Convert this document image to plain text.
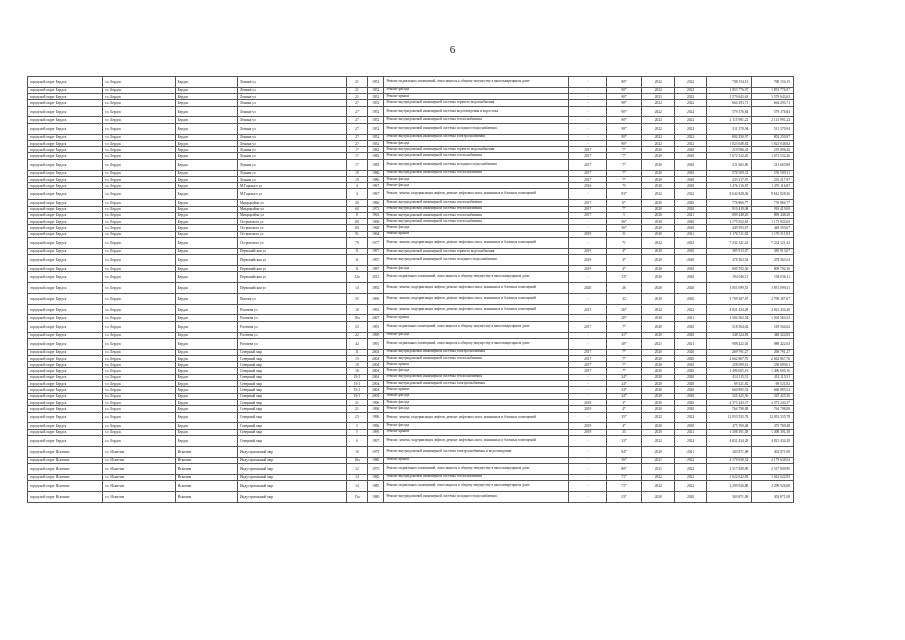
6
городской округ Бердск	г.о. Бердск	Бердск	Ленина ул	21	1952	Ремонт подвальных помещений, относящихся к общему имуществу в многоквартирном доме	-	90*	2022	2022	708 154,15	708 154,15
городской округ Бердск	г.о. Бердск	Бердск	Ленина ул	21	1952	Ремонт фасада	-	90*	2022	2022	1 853 776,97	1 853 776,97
городской округ Бердск	г.о. Бердск	Бердск	Ленина ул	21	1952	Ремонт крыши	-	90*	2021	2022	1 579 643,63	1 579 643,63
городской округ Бердск	г.о. Бердск	Бердск	Ленина ул	27	1952	Ремонт внутридомовой инженерной системы горячего водоснабжения	-	90*	2022	2022	664 293,71	664 293,71
городской округ Бердск	г.о. Бердск	Бердск	Ленина ул	27	1952	Ремонт внутридомовой инженерной системы водоотведения и водостока	-	90*	2022	2022	579 376,84	579 376,84
городской округ Бердск	г.о. Бердск	Бердск	Ленина ул	27	1952	Ремонт внутридомовой инженерной системы теплоснабжения	-	90*	2022	2022	2 115 991,22	2 115 991,22
городской округ Бердск	г.о. Бердск	Бердск	Ленина ул	27	1952	Ремонт внутридомовой инженерной системы холодного водоснабжения	-	90*	2022	2022	511 370,94	511 370,94
городской округ Бердск	г.о. Бердск	Бердск	Ленина ул	27	1952	Ремонт внутридомовой инженерной системы электроснабжения	-	90*	2022	2022	802 250,97	802 250,97
городской округ Бердск	г.о. Бердск	Бердск	Ленина ул	27	1952	Ремонт фасада	-	90*	2022	2022	1 823 048,82	1 823 048,82
городской округ Бердск	г.о. Бердск	Бердск	Лунная ул	17	1982	Ремонт внутридомовой инженерной системы горячего водоснабжения	2017	7*	2020	2020	219 096,42	219 096,42
городской округ Бердск	г.о. Бердск	Бердск	Лунная ул	17	1982	Ремонт внутридомовой инженерной системы теплоснабжения	2017	7*	2020	2020	1 672 532,26	1 672 532,26
городской округ Бердск	г.о. Бердск	Бердск	Лунная ул	17	1982	Ремонт внутридомовой инженерной системы холодного водоснабжения	2017	7*	2020	2020	211 665,80	211 665,80
городской округ Бердск	г.о. Бердск	Бердск	Лунная ул	19	1986	Ремонт внутридомовой инженерной системы теплоснабжения	2017	7*	2020	2020	576 509,31	576 509,31
городской округ Бердск	г.о. Бердск	Бердск	Лунная ул	19	1986	Ремонт фасада	2017	7*	2020	2020	233 217,97	233 217,97
городской округ Бердск	г.о. Бердск	Бердск	М.Горького ул	4	1997	Ремонт фасада	2016	75	2020	2020	1 476 116,87	1 476 116,87
городской округ Бердск	г.о. Бердск	Бердск	М.Горького ул	4	1997	Ремонт, замена, модернизация лифтов, ремонт лифтовых шахт, машинных и блочных помещений	-	93*	2022	2022	9 642 828,36	9 642 828,36
городской округ Бердск	г.о. Бердск	Бердск	Микрорайон ул	26	1966	Ремонт внутридомовой инженерной системы теплоснабжения	2017	6*	2020	2020	776 866,77	776 866,77
городской округ Бердск	г.о. Бердск	Бердск	Микрорайон ул	60	1973	Ремонт внутридомовой инженерной системы теплоснабжения	2017	7*	2020	2020	910 419,08	910 419,08
городской округ Бердск	г.о. Бердск	Бердск	Микрорайон ул	8	1964	Ремонт внутридомовой инженерной системы теплоснабжения	2017	5	2020	2021	809 448,20	809 448,20
городской округ Бердск	г.о. Бердск	Бердск	Островского ул	101	1968	Ремонт внутридомовой инженерной системы теплоснабжения	-	56*	2020	2020	1 175 922,65	1 175 922,65
городской округ Бердск	г.о. Бердск	Бердск	Островского ул	101	1968	Ремонт фасада	-	56*	2020	2020	449 593,67	449 593,67
городской округ Бердск	г.о. Бердск	Бердск	Островского ул	91	1964	Ремонт крыши	2019	51	2020	2021	1 176 511,83	1 176 511,83
городской округ Бердск	г.о. Бердск	Бердск	Островского ул	79	1977	Ремонт, замена, модернизация лифтов, ремонт лифтовых шахт, машинных и блочных помещений	-	71	2022	2022	7 232 121,42	7 232 121,42
городской округ Бердск	г.о. Бердск	Бердск	Первомайская ул	11	1997	Ремонт внутридомовой инженерной системы горячего водоснабжения	2019	4*	2020	2020	385 913,07	385 913,07
городской округ Бердск	г.о. Бердск	Бердск	Первомайская ул	11	1997	Ремонт внутридомовой инженерной системы холодного водоснабжения	2019	4*	2020	2020	478 363,54	478 363,54
городской округ Бердск	г.о. Бердск	Бердск	Первомайская ул	11	1997	Ремонт фасада	2019	4*	2020	2020	809 792,36	809 792,36
городской округ Бердск	г.о. Бердск	Бердск	Первомайская ул	12а	2012	Ремонт подвальных помещений, относящихся к общему имуществу в многоквартирном доме	-	13*	2020	2020	194 036,11	194 036,11
городской округ Бердск	г.о. Бердск	Бердск	Первомайская ул	14	1992	Ремонт, замена, модернизация лифтов, ремонт лифтовых шахт, машинных и блочных помещений	2020	26	2020	2020	1 851 099,51	1 851 099,51
городской округ Бердск	г.о. Бердск	Бердск	Попова ул	35	1990	Ремонт, замена, модернизация лифтов, ремонт лифтовых шахт, машинных и блочных помещений	-	32	2020	2020	3 709 307,67	3 709 307,67
городской округ Бердск	г.о. Бердск	Бердск	Рогачева ул	10	1993	Ремонт, замена, модернизация лифтов, ремонт лифтовых шахт, машинных и блочных помещений	2015	26*	2022	2022	4 821 434,28	4 821 434,28
городской округ Бердск	г.о. Бердск	Бердск	Рогачева ул	10а	2007	Ремонт крыши	-	20*	2020	2021	1 504 563,54	1 504 563,54
городской округ Бердск	г.о. Бердск	Бердск	Рогачева ул	23	1991	Ремонт подвальных помещений, относящихся к общему имуществу в многоквартирном доме	2017	7*	2020	2020	518 564,62	518 564,62
городской округ Бердск	г.о. Бердск	Бердск	Рогачева ул	22	1990	Ремонт фасада	-	41*	2020	2020	348 324,83	348 324,83
городской округ Бердск	г.о. Бердск	Бердск	Рогачева ул	42	1991	Ремонт подвальных помещений, относящихся к общему имуществу в многоквартирном доме	-	38*	2021	2021	988 422,03	988 422,03
городской округ Бердск	г.о. Бердск	Бердск	Северный мкр	11	2004	Ремонт внутридомовой инженерной системы электроснабжения	2017	7*	2020	2020	269 791,27	269 791,27
городской округ Бердск	г.о. Бердск	Бердск	Северный мкр	15	2004	Ремонт внутридомовой инженерной системы теплоснабжения	2017	7*	2020	2020	2 662 867,76	2 662 867,76
городской округ Бердск	г.о. Бердск	Бердск	Северный мкр	18	2004	Ремонт крыши	2017	7*	2020	2020	258 099,61	258 099,61
городской округ Бердск	г.о. Бердск	Бердск	Северный мкр	18	2004	Ремонт фасада	2017	7*	2020	2020	1 496 605,16	1 496 605,16
городской округ Бердск	г.о. Бердск	Бердск	Северный мкр	19/1	2004	Ремонт внутридомовой инженерной системы теплоснабжения	-	24*	2020	2020	414 115,51	414 115,51
городской округ Бердск	г.о. Бердск	Бердск	Северный мкр	19/1	2004	Ремонт внутридомовой инженерной системы электроснабжения	-	24*	2020	2020	69 521,82	69 521,82
городской округ Бердск	г.о. Бердск	Бердск	Северный мкр	19/1	2004	Ремонт крыши	-	24*	2020	2020	660 895,52	660 895,52
городской округ Бердск	г.о. Бердск	Бердск	Северный мкр	19/1	2004	Ремонт фасада	-	24*	2020	2020	325 425,56	325 425,56
городской округ Бердск	г.о. Бердск	Бердск	Северный мкр	21	1996	Ремонт фасада	2018	3*	2020	2020	2 373 243,37	2 373 243,37
городской округ Бердск	г.о. Бердск	Бердск	Северный мкр	21	1996	Ремонт фасада	2019	4*	2020	2020	764 798,08	764 798,08
городской округ Бердск	г.о. Бердск	Бердск	Северный мкр	23	1996	Ремонт, замена, модернизация лифтов, ремонт лифтовых шахт, машинных и блочных помещений	-	35*	2022	2022	12 053 535,78	12 053 535,78
городской округ Бердск	г.о. Бердск	Бердск	Северный мкр	5	1996	Ремонт фасада	2019	4*	2020	2020	475 769,48	475 769,48
городской округ Бердск	г.о. Бердск	Бердск	Северный мкр	5	1996	Ремонт крыши	2019	35	2020	2021	1 308 391,38	1 308 391,38
городской округ Бердск	г.о. Бердск	Бердск	Северный мкр	6	1997	Ремонт, замена, модернизация лифтов, ремонт лифтовых шахт, машинных и блочных помещений	-	33*	2022	2022	4 821 434,28	4 821 434,28
городской округ Искитим	г.о. Искитим	Искитим	Индустриальный мкр	10	1979	Ремонт внутридомовой инженерной системы электроснабжения и водоотведения	-	84*	2020	2021	303 871,08	303 871,08
городской округ Искитим	г.о. Искитим	Искитим	Индустриальный мкр	10а	1980	Ремонт крыши	-	56*	2021	2022	4 179 638,54	4 179 638,54
городской округ Искитим	г.о. Искитим	Искитим	Индустриальный мкр	12	1979	Ремонт подвальных помещений, относящихся к общему имуществу в многоквартирном доме	-	80*	2021	2022	2 317 849,90	2 317 849,90
городской округ Искитим	г.о. Искитим	Искитим	Индустриальный мкр	14	1985	Ремонт внутридомовой инженерной системы теплоснабжения	-	71*	2022	2022	1 622 622,85	1 622 622,85
городской округ Искитим	г.о. Искитим	Искитим	Индустриальный мкр	14	1985	Ремонт подвальных помещений, относящихся к общему имуществу в многоквартирном доме	-	71*	2022	2022	2 299 926,88	2 299 926,88
городской округ Искитим	г.о. Искитим	Искитим	Индустриальный мкр	15а	1980	Ремонт внутридомовой инженерной системы холодного водоснабжения	-	53*	2020	2020	303 871,08	303 871,08
